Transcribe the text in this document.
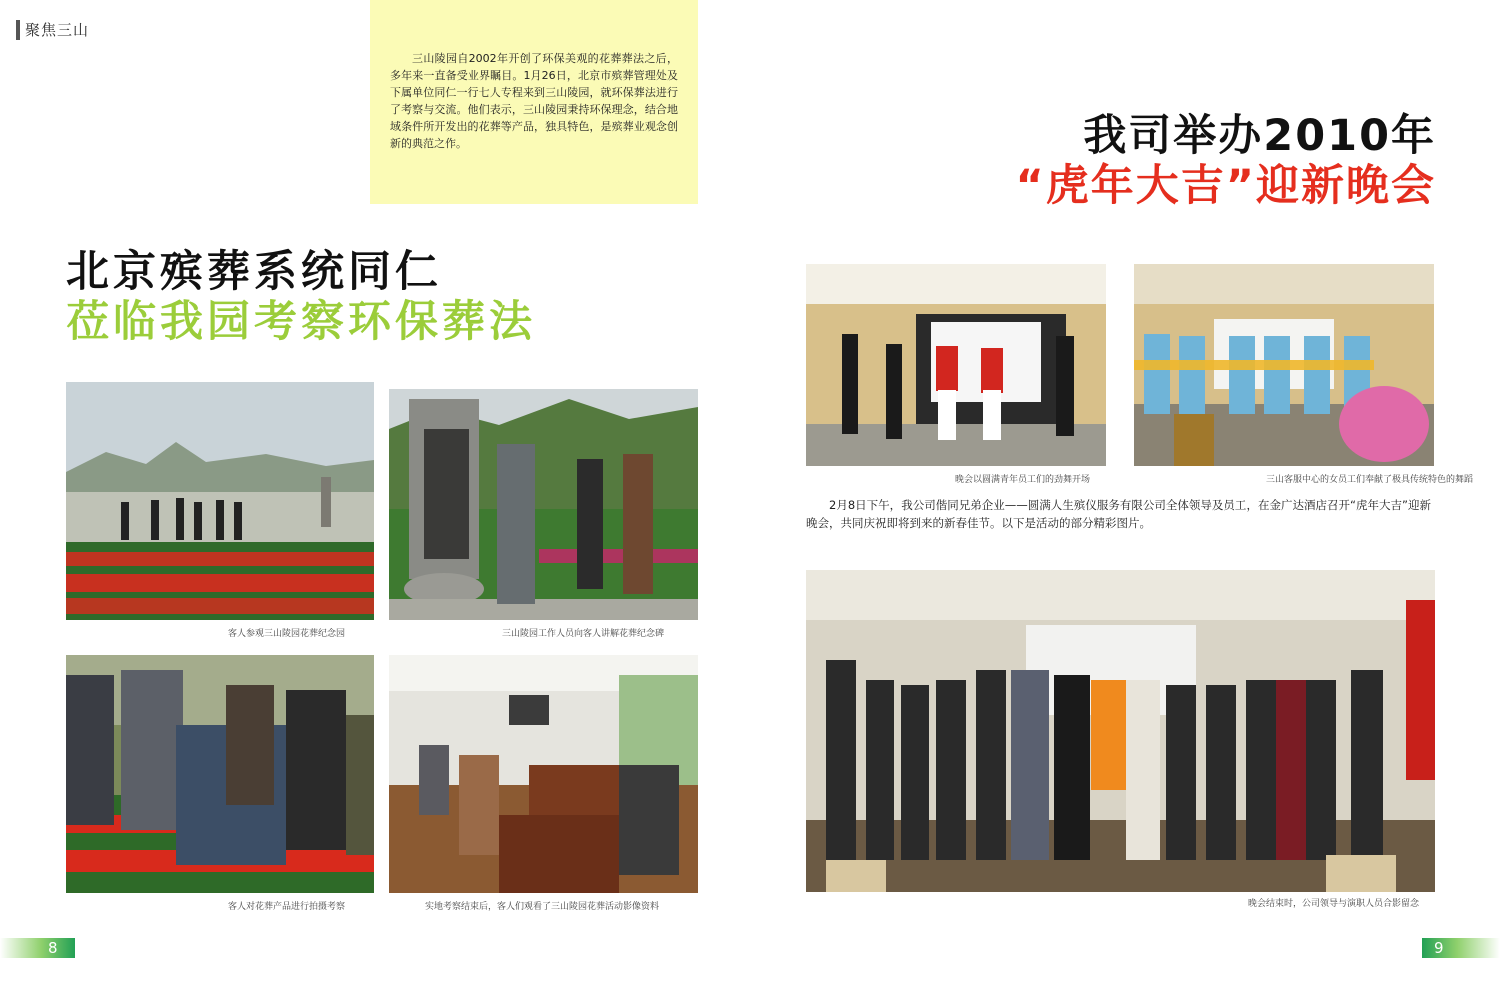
聚焦三山
三山陵园自2002年开创了环保美观的花葬葬法之后，多年来一直备受业界瞩目。1月26日，北京市殡葬管理处及下属单位同仁一行七人专程来到三山陵园，就环保葬法进行了考察与交流。他们表示，三山陵园秉持环保理念，结合地域条件所开发出的花葬等产品，独具特色，是殡葬业观念创新的典范之作。
北京殡葬系统同仁
莅临我园考察环保葬法
我司举办2010年
“虎年大吉”迎新晚会
客人参观三山陵园花葬纪念园	三山陵园工作人员向客人讲解花葬纪念碑
客人对花葬产品进行拍摄考察	实地考察结束后，客人们观看了三山陵园花葬活动影像资料
晚会以圆满青年员工们的劲舞开场	三山客服中心的女员工们奉献了极具传统特色的舞蹈
2月8日下午，我公司偕同兄弟企业——圆满人生殡仪服务有限公司全体领导及员工，在金广达酒店召开“虎年大吉”迎新晚会，共同庆祝即将到来的新春佳节。以下是活动的部分精彩图片。
晚会结束时，公司领导与演职人员合影留念
8	9
